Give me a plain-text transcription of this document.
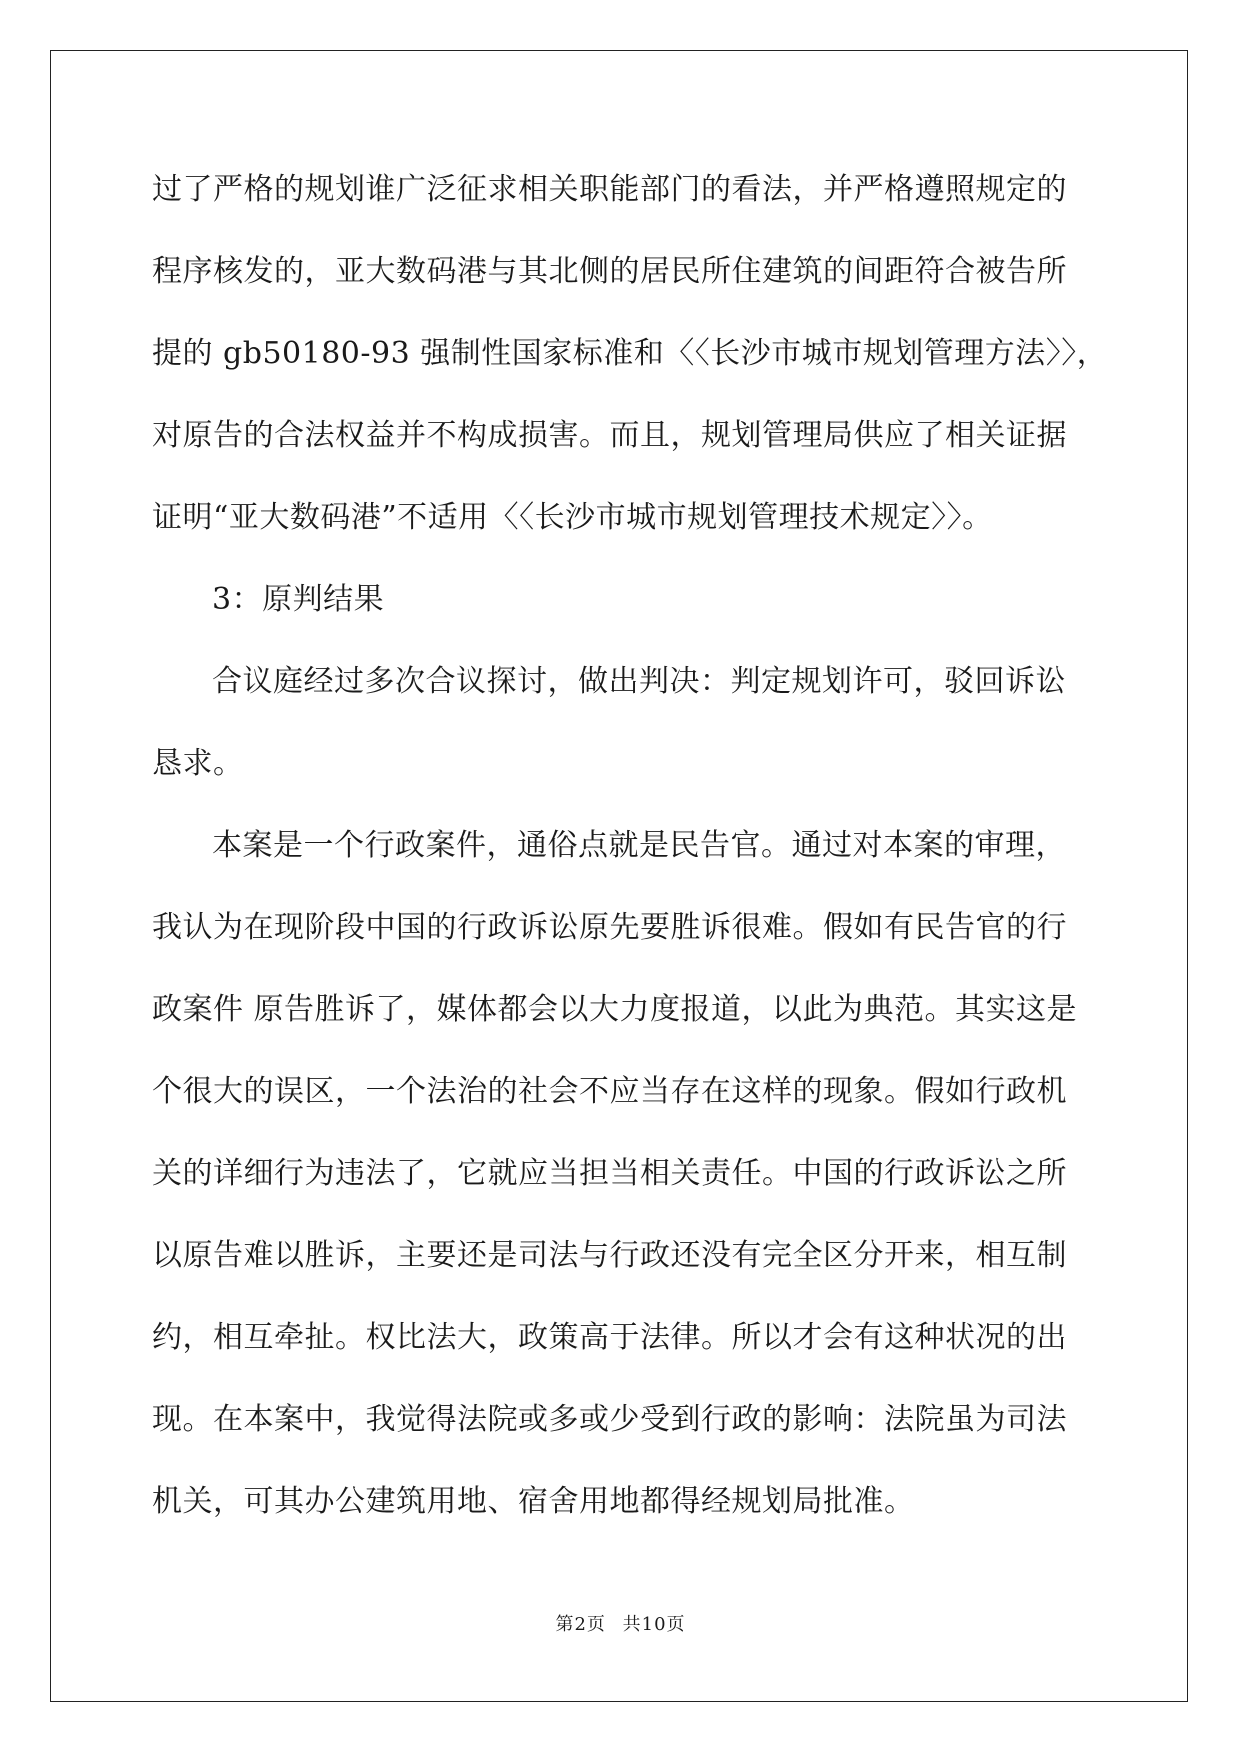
过了严格的规划谁广泛征求相关职能部门的看法，并严格遵照规定的
程序核发的，亚大数码港与其北侧的居民所住建筑的间距符合被告所
提的 gb50180-93 强制性国家标准和〈〈长沙市城市规划管理方法〉〉，
对原告的合法权益并不构成损害。而且，规划管理局供应了相关证据
证明“亚大数码港”不适用〈〈长沙市城市规划管理技术规定〉〉。
3：原判结果
合议庭经过多次合议探讨，做出判决：判定规划许可，驳回诉讼
恳求。
本案是一个行政案件，通俗点就是民告官。通过对本案的审理，
我认为在现阶段中国的行政诉讼原先要胜诉很难。假如有民告官的行
政案件 原告胜诉了，媒体都会以大力度报道，以此为典范。其实这是
个很大的误区，一个法治的社会不应当存在这样的现象。假如行政机
关的详细行为违法了，它就应当担当相关责任。中国的行政诉讼之所
以原告难以胜诉，主要还是司法与行政还没有完全区分开来，相互制
约，相互牵扯。权比法大，政策高于法律。所以才会有这种状况的出
现。在本案中，我觉得法院或多或少受到行政的影响：法院虽为司法
机关，可其办公建筑用地、宿舍用地都得经规划局批准。
第2页 共10页
